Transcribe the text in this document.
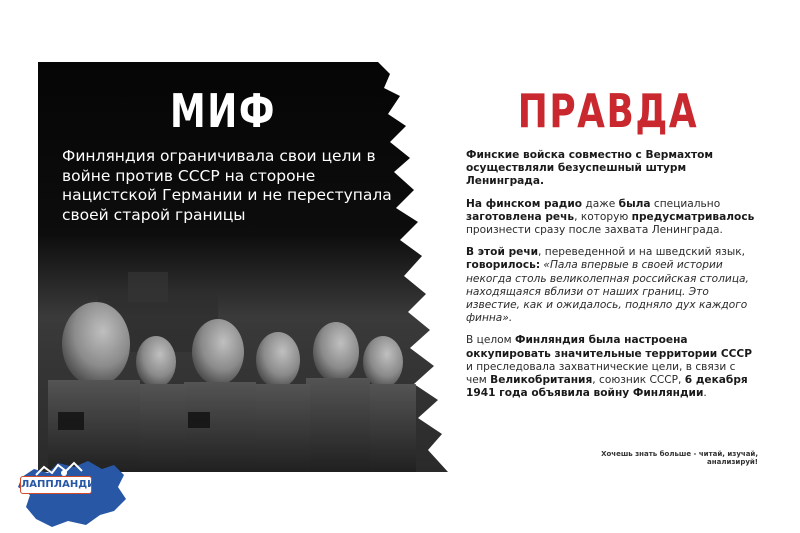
МИФ

Финляндия ограничивала свои цели в войне против СССР на стороне нацистской Германии и не переступала своей старой границы

ПРАВДА

Финские войска совместно с Вермахтом осуществляли безуспешный штурм Ленинграда.

На финском радио даже была специально заготовлена речь, которую предусматривалось произнести сразу после захвата Ленинграда.

В этой речи, переведенной и на шведский язык, говорилось: «Пала впервые в своей истории некогда столь великолепная российская столица, находящаяся вблизи от наших границ. Это известие, как и ожидалось, подняло дух каждого финна».

В целом Финляндия была настроена оккупировать значительные территории СССР и преследовала захватнические цели, в связи с чем Великобритания, союзник СССР, 6 декабря 1941 года объявила войну Финляндии.

Хочешь знать больше - читай, изучай, анализируй!
ЛАППЛАНДИЯ
